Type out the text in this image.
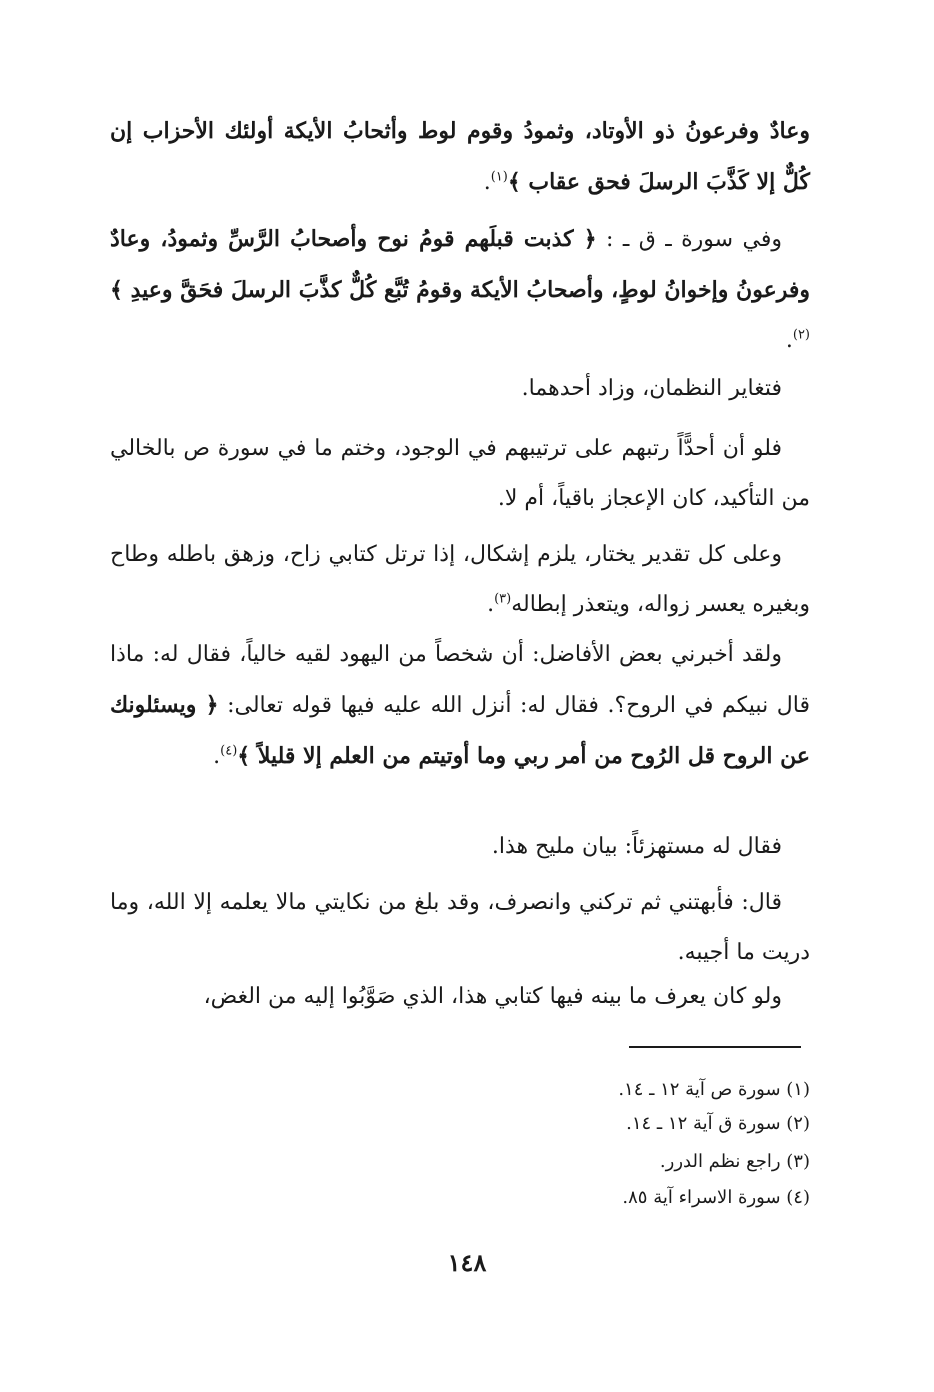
وعادٌ وفرعونُ ذو الأوتاد، وثمودُ وقوم لوط وأثحابُ الأيكة أولئك الأحزاب إن كُلٌّ إلا كَذَّبَ الرسلَ فحق عقاب ﴾$^{(١)}$.

وفي سورة ـ ق ـ : ﴿ كذبت قبلَهم قومُ نوح وأصحابُ الرَّسِّ وثمودُ، وعادٌ وفرعونُ وإخوانُ لوطٍ، وأصحابُ الأيكة وقومُ تُبَّع كُلٌّ كذَّبَ الرسلَ فحَقَّ وعيدِ ﴾$^{(٢)}$.

فتغاير النظمان، وزاد أحدهما.

فلو أن أحدًّاً رتبهم على ترتيبهم في الوجود، وختم ما في سورة ص بالخالي من التأكيد، كان الإعجاز باقياً، أم لا.

وعلى كل تقدير يختار، يلزم إشكال، إذا ترتل كتابي زاح، وزهق باطله وطاح وبغيره يعسر زواله، ويتعذر إبطاله$^{(٣)}$.

ولقد أخبرني بعض الأفاضل: أن شخصاً من اليهود لقيه خالياً، فقال له: ماذا قال نبيكم في الروح؟. فقال له: أنزل الله عليه فيها قوله تعالى: ﴿ ويسئلونك عن الروح قل الرُوح من أمر ربي وما أوتيتم من العلم إلا قليلاً ﴾$^{(٤)}$.

فقال له مستهزئاً: بيان مليح هذا.

قال: فأبهتني ثم تركني وانصرف، وقد بلغ من نكايتي مالا يعلمه إلا الله، وما دريت ما أجيبه.

ولو كان يعرف ما بينه فيها كتابي هذا، الذي صَوَّبُوا إليه من الغض،

(١) سورة ص آية ١٢ ـ ١٤.
(٢) سورة ق آية ١٢ ـ ١٤.
(٣) راجع نظم الدرر.
(٤) سورة الاسراء آية ٨٥.
١٤٨
